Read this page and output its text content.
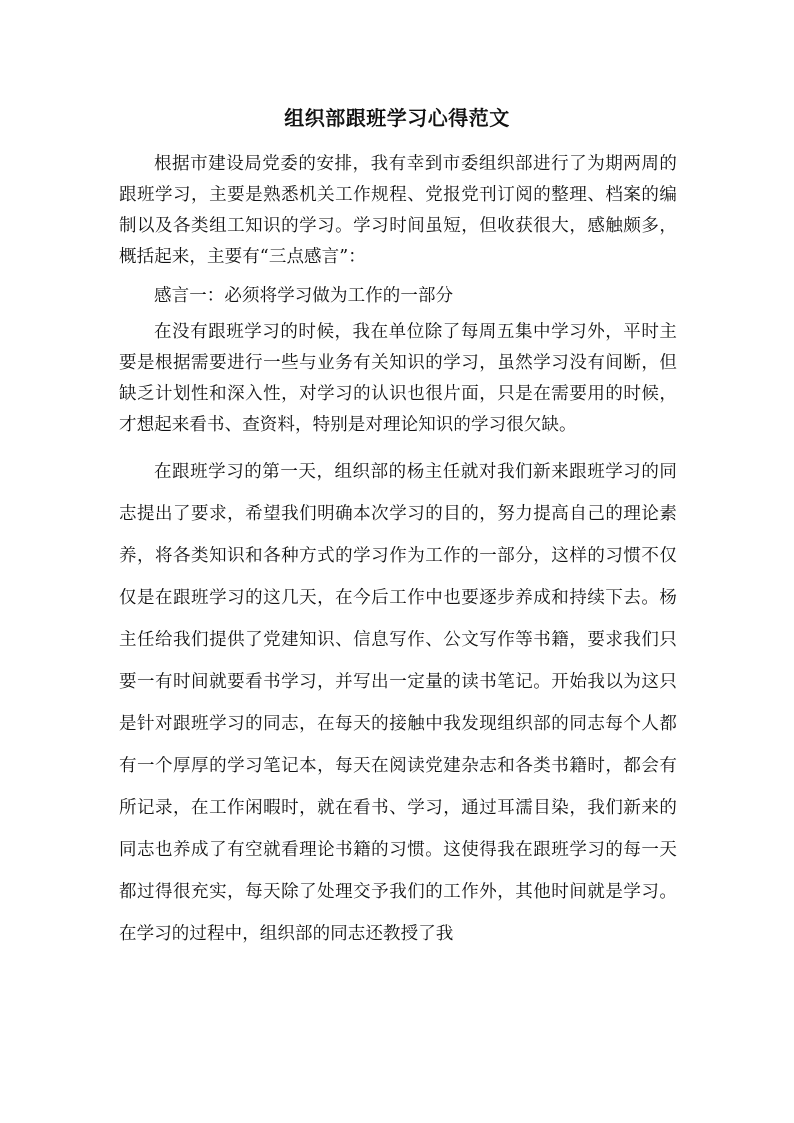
组织部跟班学习心得范文

根据市建设局党委的安排，我有幸到市委组织部进行了为期两周的跟班学习，主要是熟悉机关工作规程、党报党刊订阅的整理、档案的编制以及各类组工知识的学习。学习时间虽短，但收获很大，感触颇多，概括起来，主要有“三点感言”：

感言一：必须将学习做为工作的一部分

在没有跟班学习的时候，我在单位除了每周五集中学习外，平时主要是根据需要进行一些与业务有关知识的学习，虽然学习没有间断，但缺乏计划性和深入性，对学习的认识也很片面，只是在需要用的时候，才想起来看书、查资料，特别是对理论知识的学习很欠缺。

在跟班学习的第一天，组织部的杨主任就对我们新来跟班学习的同志提出了要求，希望我们明确本次学习的目的，努力提高自己的理论素养，将各类知识和各种方式的学习作为工作的一部分，这样的习惯不仅仅是在跟班学习的这几天，在今后工作中也要逐步养成和持续下去。杨主任给我们提供了党建知识、信息写作、公文写作等书籍，要求我们只要一有时间就要看书学习，并写出一定量的读书笔记。开始我以为这只是针对跟班学习的同志，在每天的接触中我发现组织部的同志每个人都有一个厚厚的学习笔记本，每天在阅读党建杂志和各类书籍时，都会有所记录，在工作闲暇时，就在看书、学习，通过耳濡目染，我们新来的同志也养成了有空就看理论书籍的习惯。这使得我在跟班学习的每一天都过得很充实，每天除了处理交予我们的工作外，其他时间就是学习。在学习的过程中，组织部的同志还教授了我
